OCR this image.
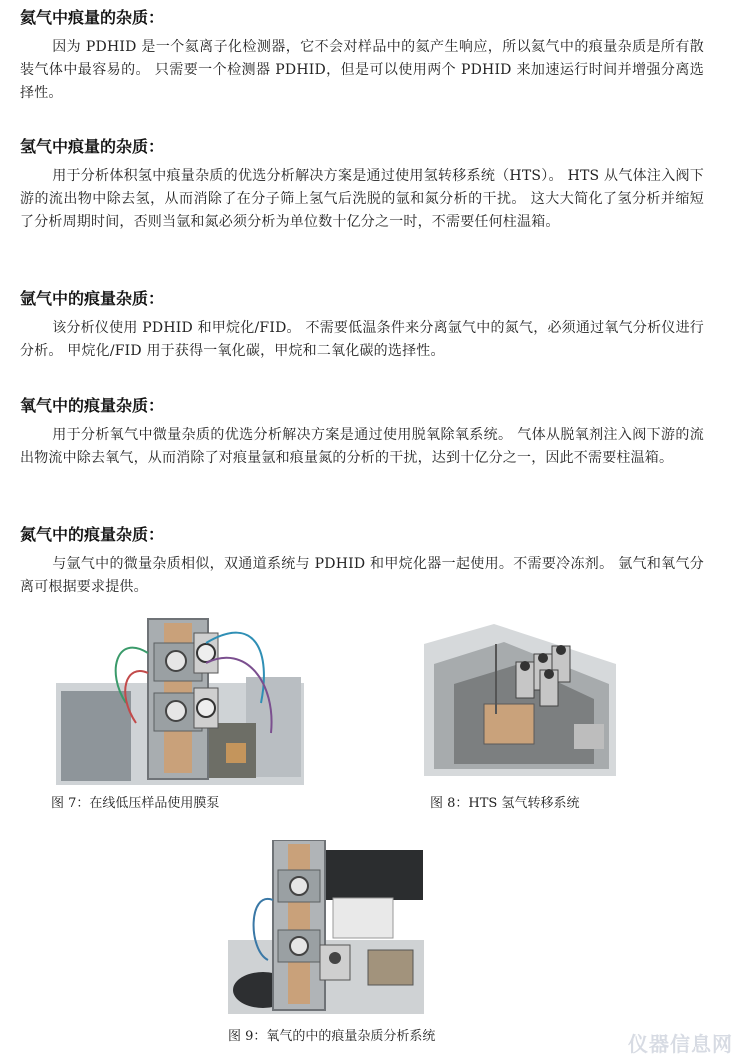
氦气中痕量的杂质：

因为 PDHID 是一个氦离子化检测器，它不会对样品中的氦产生响应，所以氦气中的痕量杂质是所有散装气体中最容易的。 只需要一个检测器 PDHID，但是可以使用两个 PDHID 来加速运行时间并增强分离选择性。

氢气中痕量的杂质：

用于分析体积氢中痕量杂质的优选分析解决方案是通过使用氢转移系统（HTS）。 HTS 从气体注入阀下游的流出物中除去氢，从而消除了在分子筛上氢气后洗脱的氩和氮分析的干扰。 这大大简化了氢分析并缩短了分析周期时间，否则当氩和氮必须分析为单位数十亿分之一时，不需要任何柱温箱。

氩气中的痕量杂质：

该分析仪使用 PDHID 和甲烷化/FID。 不需要低温条件来分离氩气中的氮气，必须通过氧气分析仪进行分析。 甲烷化/FID 用于获得一氧化碳，甲烷和二氧化碳的选择性。

氧气中的痕量杂质：

用于分析氧气中微量杂质的优选分析解决方案是通过使用脱氧除氧系统。 气体从脱氧剂注入阀下游的流出物流中除去氧气，从而消除了对痕量氩和痕量氮的分析的干扰，达到十亿分之一，因此不需要柱温箱。

氮气中的痕量杂质：

与氩气中的微量杂质相似，双通道系统与 PDHID 和甲烷化器一起使用。不需要冷冻剂。 氩气和氧气分离可根据要求提供。

图 7：在线低压样品使用膜泵	图 8：HTS 氢气转移系统
图 9：氧气的中的痕量杂质分析系统	仪器信息网
